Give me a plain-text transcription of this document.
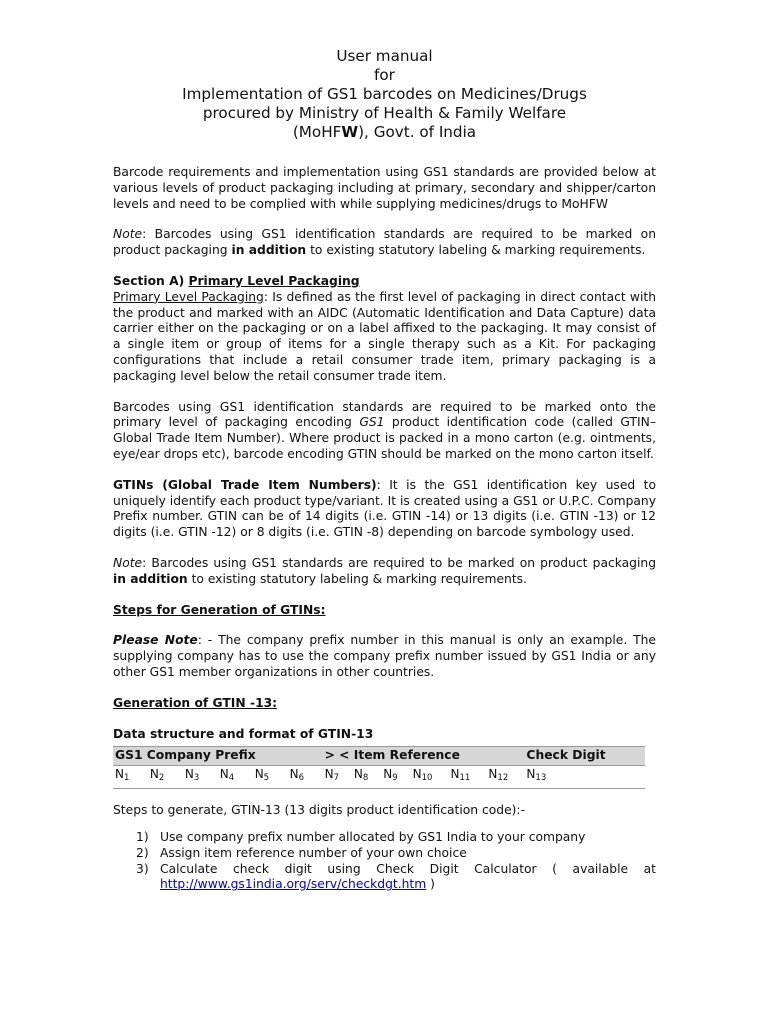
User manual
for
Implementation of GS1 barcodes on Medicines/Drugs
procured by Ministry of Health & Family Welfare
(MoHFW), Govt. of India

Barcode requirements and implementation using GS1 standards are provided below at various levels of product packaging including at primary, secondary and shipper/carton levels and need to be complied with while supplying medicines/drugs to MoHFW

Note: Barcodes using GS1 identification standards are required to be marked on product packaging in addition to existing statutory labeling & marking requirements.

Section A) Primary Level Packaging

Primary Level Packaging: Is defined as the first level of packaging in direct contact with the product and marked with an AIDC (Automatic Identification and Data Capture) data carrier either on the packaging or on a label affixed to the packaging. It may consist of a single item or group of items for a single therapy such as a Kit. For packaging configurations that include a retail consumer trade item, primary packaging is a packaging level below the retail consumer trade item.

Barcodes using GS1 identification standards are required to be marked onto the primary level of packaging encoding GS1 product identification code (called GTIN– Global Trade Item Number). Where product is packed in a mono carton (e.g. ointments, eye/ear drops etc), barcode encoding GTIN should be marked on the mono carton itself.

GTINs (Global Trade Item Numbers): It is the GS1 identification key used to uniquely identify each product type/variant. It is created using a GS1 or U.P.C. Company Prefix number. GTIN can be of 14 digits (i.e. GTIN -14) or 13 digits (i.e. GTIN -13) or 12 digits (i.e. GTIN -12) or 8 digits (i.e. GTIN -8) depending on barcode symbology used.

Note: Barcodes using GS1 standards are required to be marked on product packaging in addition to existing statutory labeling & marking requirements.

Steps for Generation of GTINs:

Please Note: - The company prefix number in this manual is only an example. The supplying company has to use the company prefix number issued by GS1 India or any other GS1 member organizations in other countries.

Generation of GTIN -13:

Data structure and format of GTIN-13
GS1 Company Prefix						> < Item Reference						Check Digit
$N_1$	$N_2$	$N_3$	$N_4$	$N_5$	$N_6$	$N_7$	$N_8$	$N_9$	$N_{10}$	$N_{11}$	$N_{12}$	$N_{13}$

Steps to generate, GTIN-13 (13 digits product identification code):-

1) Use company prefix number allocated by GS1 India to your company
2) Assign item reference number of your own choice
3) Calculate check digit using Check Digit Calculator ( available at http://www.gs1india.org/serv/checkdgt.htm )
